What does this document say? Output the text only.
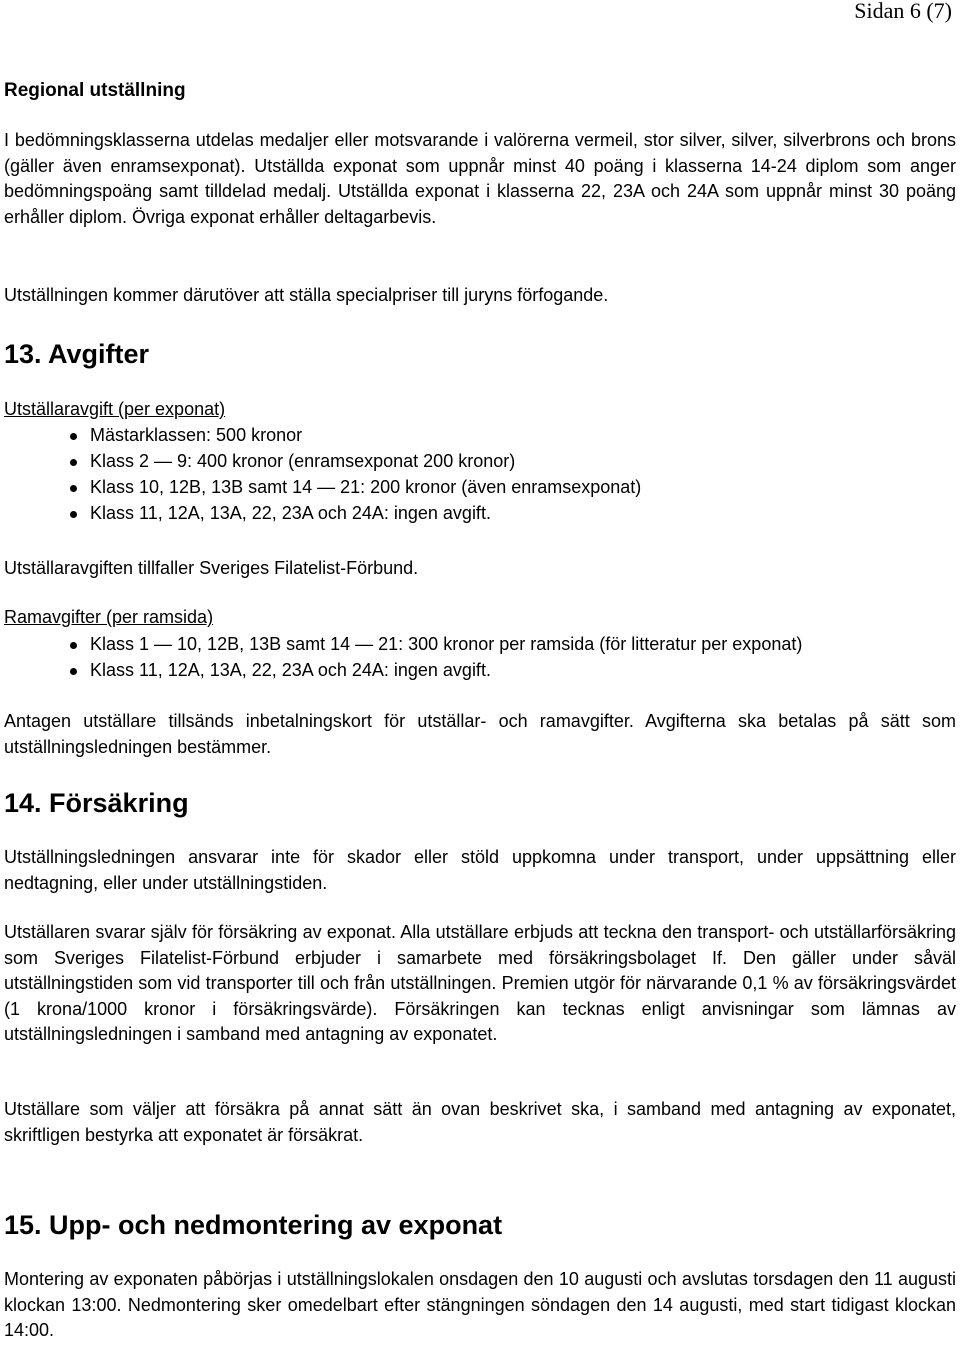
Sidan 6 (7)
Regional utställning

I bedömningsklasserna utdelas medaljer eller motsvarande i valörerna vermeil, stor silver, silver, silverbrons och brons (gäller även enramsexponat). Utställda exponat som uppnår minst 40 poäng i klasserna 14-24 diplom som anger bedömningspoäng samt tilldelad medalj. Utställda exponat i klasserna 22, 23A och 24A som uppnår minst 30 poäng erhåller diplom. Övriga exponat erhåller deltagarbevis.

Utställningen kommer därutöver att ställa specialpriser till juryns förfogande.

13. Avgifter
Utställaravgift (per exponat)
Mästarklassen: 500 kronor
Klass 2 — 9: 400 kronor (enramsexponat 200 kronor)
Klass 10, 12B, 13B samt 14 — 21: 200 kronor (även enramsexponat)
Klass 11, 12A, 13A, 22, 23A och 24A: ingen avgift.
Utställaravgiften tillfaller Sveriges Filatelist-Förbund.
Ramavgifter (per ramsida)
Klass 1 — 10, 12B, 13B samt 14 — 21: 300 kronor per ramsida (för litteratur per exponat)
Klass 11, 12A, 13A, 22, 23A och 24A: ingen avgift.

Antagen utställare tillsänds inbetalningskort för utställar- och ramavgifter. Avgifterna ska betalas på sätt som utställningsledningen bestämmer.

14. Försäkring

Utställningsledningen ansvarar inte för skador eller stöld uppkomna under transport, under uppsättning eller nedtagning, eller under utställningstiden.

Utställaren svarar själv för försäkring av exponat. Alla utställare erbjuds att teckna den transport- och utställarförsäkring som Sveriges Filatelist-Förbund erbjuder i samarbete med försäkringsbolaget If. Den gäller under såväl utställningstiden som vid transporter till och från utställningen. Premien utgör för närvarande 0,1 % av försäkringsvärdet (1 krona/1000 kronor i försäkringsvärde). Försäkringen kan tecknas enligt anvisningar som lämnas av utställningsledningen i samband med antagning av exponatet.

Utställare som väljer att försäkra på annat sätt än ovan beskrivet ska, i samband med antagning av exponatet, skriftligen bestyrka att exponatet är försäkrat.

15. Upp- och nedmontering av exponat

Montering av exponaten påbörjas i utställningslokalen onsdagen den 10 augusti och avslutas torsdagen den 11 augusti klockan 13:00. Nedmontering sker omedelbart efter stängningen söndagen den 14 augusti, med start tidigast klockan 14:00.
